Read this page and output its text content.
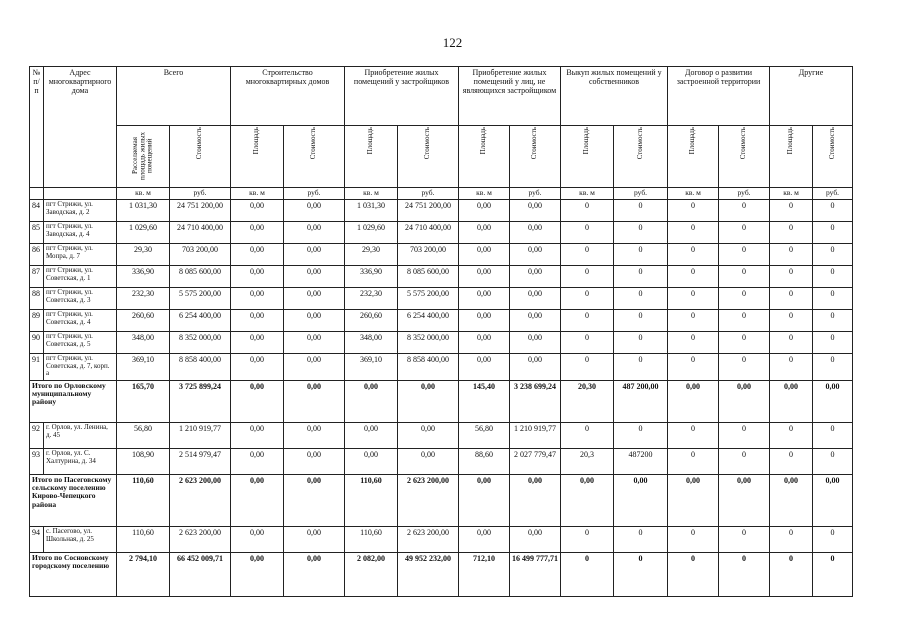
122
№ п/п	Адрес многоквартирного дома	Всего		Строительство многоквартирных домов		Приобретение жилых помещений у застройщиков		Приобретение жилых помещений у лиц, не являющихся застройщиком		Выкуп жилых помещений у собственников		Договор о развитии застроенной территории		Другие	
		Расселяемая площадь жилых помещений	Стоимость	Площадь	Стоимость	Площадь	Стоимость	Площадь	Стоимость	Площадь	Стоимость	Площадь	Стоимость	Площадь	Стоимость
		кв. м	руб.	кв. м	руб.	кв. м	руб.	кв. м	руб.	кв. м	руб.	кв. м	руб.	кв. м	руб.
84	пгт Стрижи, ул. Заводская, д. 2	1 031,30	24 751 200,00	0,00	0,00	1 031,30	24 751 200,00	0,00	0,00	0	0	0	0	0	0
85	пгт Стрижи, ул. Заводская, д. 4	1 029,60	24 710 400,00	0,00	0,00	1 029,60	24 710 400,00	0,00	0,00	0	0	0	0	0	0
86	пгт Стрижи, ул. Мопра, д. 7	29,30	703 200,00	0,00	0,00	29,30	703 200,00	0,00	0,00	0	0	0	0	0	0
87	пгт Стрижи, ул. Советская, д. 1	336,90	8 085 600,00	0,00	0,00	336,90	8 085 600,00	0,00	0,00	0	0	0	0	0	0
88	пгт Стрижи, ул. Советская, д. 3	232,30	5 575 200,00	0,00	0,00	232,30	5 575 200,00	0,00	0,00	0	0	0	0	0	0
89	пгт Стрижи, ул. Советская, д. 4	260,60	6 254 400,00	0,00	0,00	260,60	6 254 400,00	0,00	0,00	0	0	0	0	0	0
90	пгт Стрижи, ул. Советская, д. 5	348,00	8 352 000,00	0,00	0,00	348,00	8 352 000,00	0,00	0,00	0	0	0	0	0	0
91	пгт Стрижи, ул. Советская, д. 7, корп. а	369,10	8 858 400,00	0,00	0,00	369,10	8 858 400,00	0,00	0,00	0	0	0	0	0	0
Итого по Орловскому муниципальному району		165,70	3 725 899,24	0,00	0,00	0,00	0,00	145,40	3 238 699,24	20,30	487 200,00	0,00	0,00	0,00	0,00
92	г. Орлов, ул. Ленина, д. 45	56,80	1 210 919,77	0,00	0,00	0,00	0,00	56,80	1 210 919,77	0	0	0	0	0	0
93	г. Орлов, ул. С. Халтурина, д. 34	108,90	2 514 979,47	0,00	0,00	0,00	0,00	88,60	2 027 779,47	20,3	487200	0	0	0	0
Итого по Пасеговскому сельскому поселению Кирово-Чепецкого района		110,60	2 623 200,00	0,00	0,00	110,60	2 623 200,00	0,00	0,00	0,00	0,00	0,00	0,00	0,00	0,00
94	с. Пасегово, ул. Школьная, д. 25	110,60	2 623 200,00	0,00	0,00	110,60	2 623 200,00	0,00	0,00	0	0	0	0	0	0
Итого по Сосновскому городскому поселению		2 794,10	66 452 009,71	0,00	0,00	2 082,00	49 952 232,00	712,10	16 499 777,71	0	0	0	0	0	0
